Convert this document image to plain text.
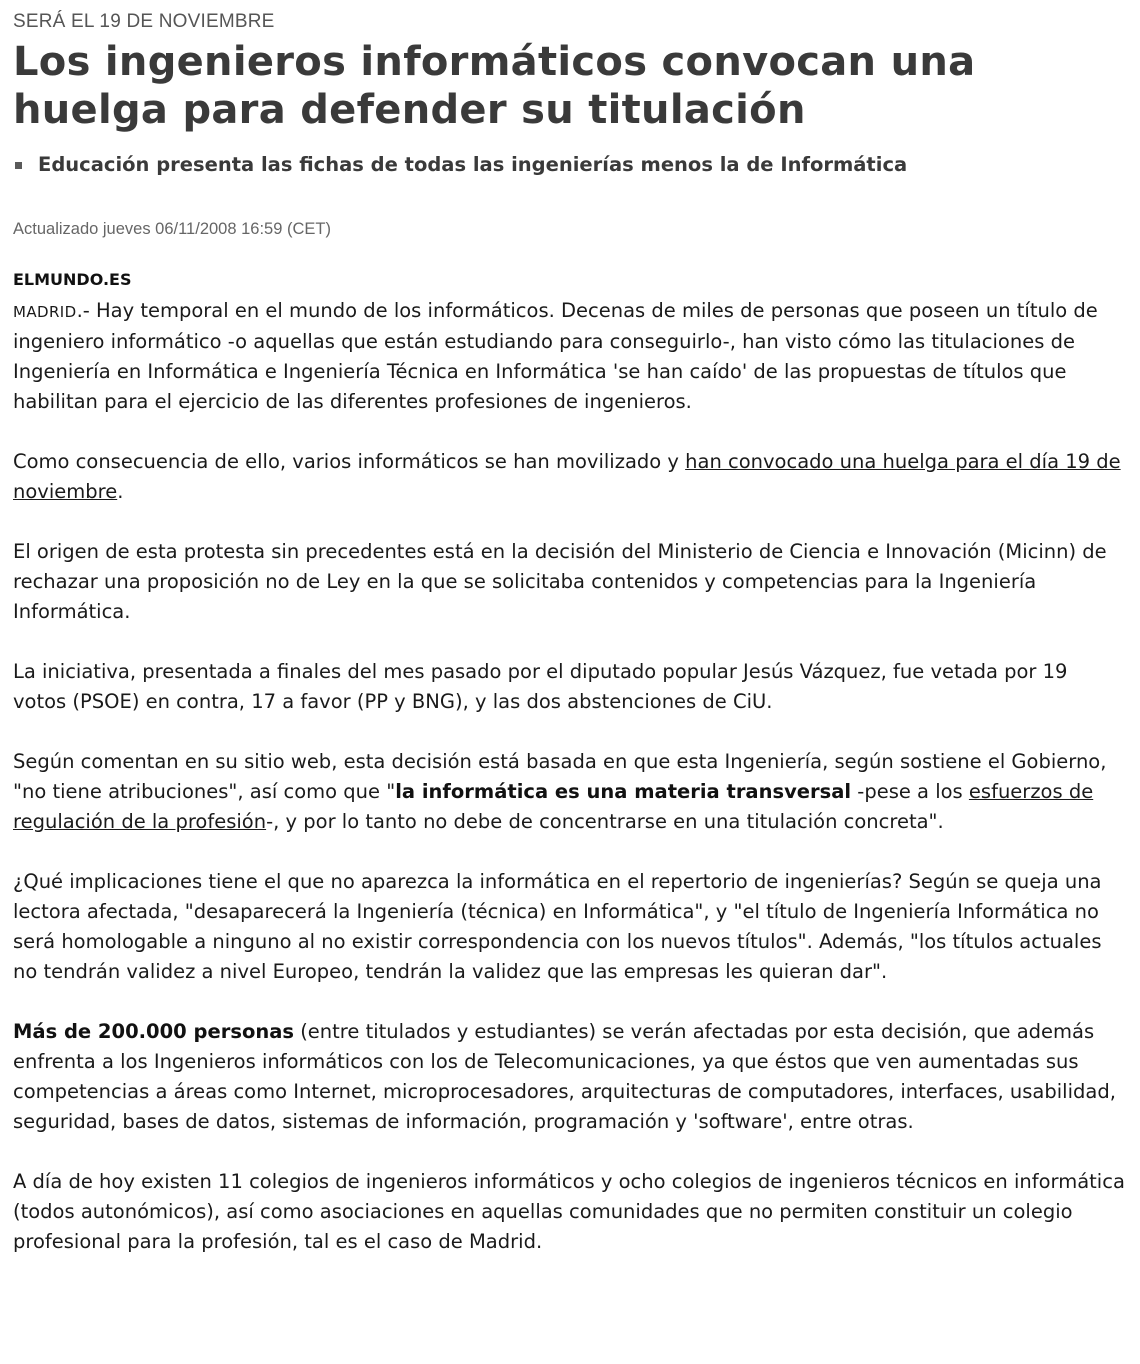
SERÁ EL 19 DE NOVIEMBRE
Los ingenieros informáticos convocan una huelga para defender su titulación
Educación presenta las fichas de todas las ingenierías menos la de Informática
Actualizado jueves 06/11/2008 16:59 (CET)
ELMUNDO.ES

MADRID.- Hay temporal en el mundo de los informáticos. Decenas de miles de personas que poseen un título de ingeniero informático -o aquellas que están estudiando para conseguirlo-, han visto cómo las titulaciones de Ingeniería en Informática e Ingeniería Técnica en Informática 'se han caído' de las propuestas de títulos que habilitan para el ejercicio de las diferentes profesiones de ingenieros.

Como consecuencia de ello, varios informáticos se han movilizado y han convocado una huelga para el día 19 de noviembre.

El origen de esta protesta sin precedentes está en la decisión del Ministerio de Ciencia e Innovación (Micinn) de rechazar una proposición no de Ley en la que se solicitaba contenidos y competencias para la Ingeniería Informática.

La iniciativa, presentada a finales del mes pasado por el diputado popular Jesús Vázquez, fue vetada por 19 votos (PSOE) en contra, 17 a favor (PP y BNG), y las dos abstenciones de CiU.

Según comentan en su sitio web, esta decisión está basada en que esta Ingeniería, según sostiene el Gobierno, "no tiene atribuciones", así como que "la informática es una materia transversal -pese a los esfuerzos de regulación de la profesión-, y por lo tanto no debe de concentrarse en una titulación concreta".

¿Qué implicaciones tiene el que no aparezca la informática en el repertorio de ingenierías? Según se queja una lectora afectada, "desaparecerá la Ingeniería (técnica) en Informática", y "el título de Ingeniería Informática no será homologable a ninguno al no existir correspondencia con los nuevos títulos". Además, "los títulos actuales no tendrán validez a nivel Europeo, tendrán la validez que las empresas les quieran dar".

Más de 200.000 personas (entre titulados y estudiantes) se verán afectadas por esta decisión, que además enfrenta a los Ingenieros informáticos con los de Telecomunicaciones, ya que éstos que ven aumentadas sus competencias a áreas como Internet, microprocesadores, arquitecturas de computadores, interfaces, usabilidad, seguridad, bases de datos, sistemas de información, programación y 'software', entre otras.

A día de hoy existen 11 colegios de ingenieros informáticos y ocho colegios de ingenieros técnicos en informática (todos autonómicos), así como asociaciones en aquellas comunidades que no permiten constituir un colegio profesional para la profesión, tal es el caso de Madrid.
